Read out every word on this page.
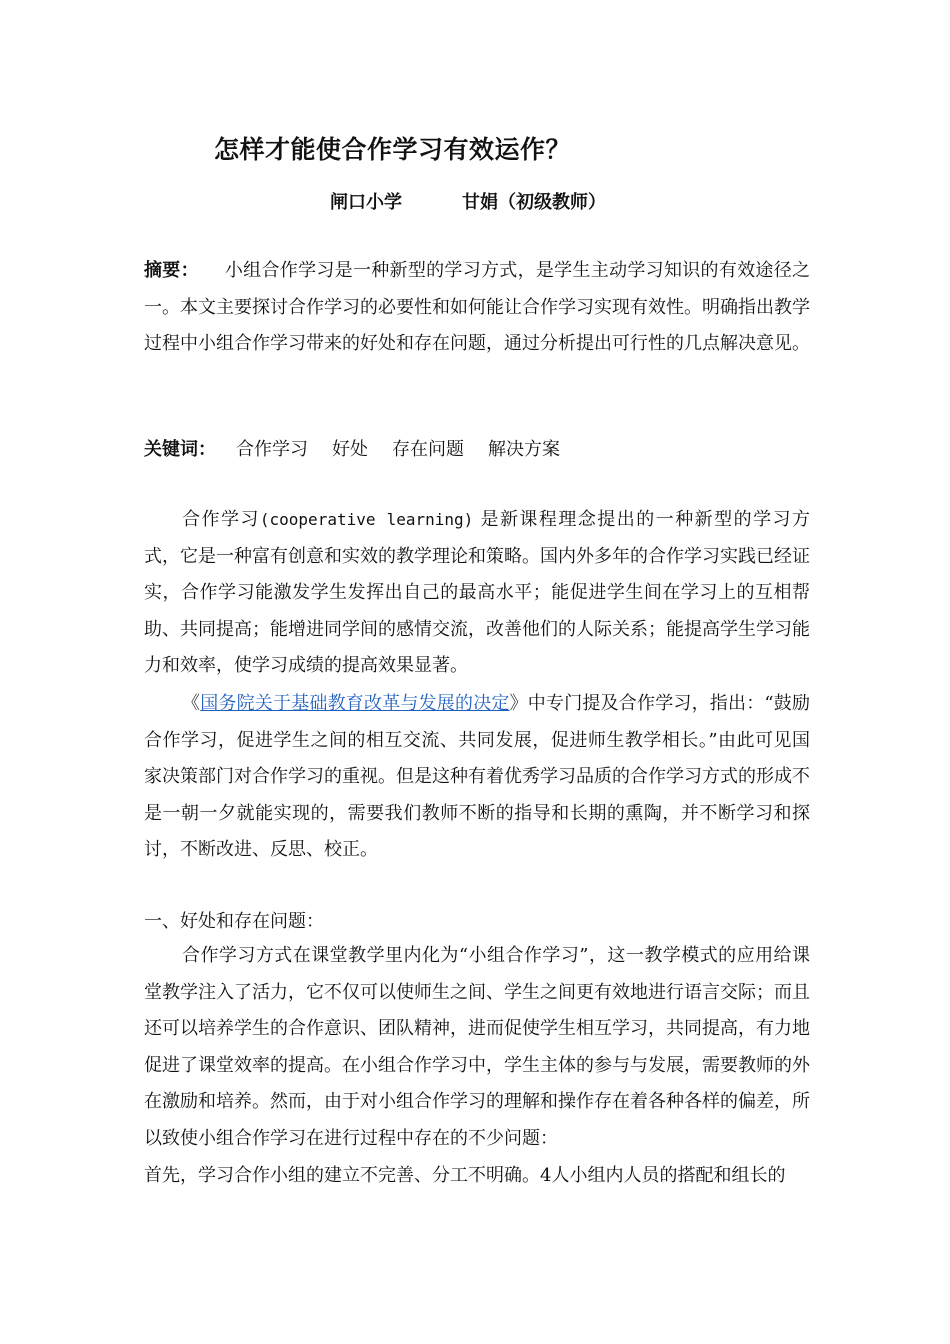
怎样才能使合作学习有效运作？
闸口小学	甘娟（初级教师）

摘要： 小组合作学习是一种新型的学习方式，是学生主动学习知识的有效途径之一。本文主要探讨合作学习的必要性和如何能让合作学习实现有效性。明确指出教学过程中小组合作学习带来的好处和存在问题，通过分析提出可行性的几点解决意见。

关键词： 合作学习 好处 存在问题 解决方案

合作学习(cooperative learning) 是新课程理念提出的一种新型的学习方式，它是一种富有创意和实效的教学理论和策略。国内外多年的合作学习实践已经证实，合作学习能激发学生发挥出自己的最高水平；能促进学生间在学习上的互相帮助、共同提高；能增进同学间的感情交流，改善他们的人际关系；能提高学生学习能力和效率，使学习成绩的提高效果显著。

《国务院关于基础教育改革与发展的决定》中专门提及合作学习，指出：“鼓励合作学习，促进学生之间的相互交流、共同发展，促进师生教学相长。”由此可见国家决策部门对合作学习的重视。但是这种有着优秀学习品质的合作学习方式的形成不是一朝一夕就能实现的，需要我们教师不断的指导和长期的熏陶，并不断学习和探讨，不断改进、反思、校正。

一、好处和存在问题：

合作学习方式在课堂教学里内化为“小组合作学习”，这一教学模式的应用给课堂教学注入了活力，它不仅可以使师生之间、学生之间更有效地进行语言交际；而且还可以培养学生的合作意识、团队精神，进而促使学生相互学习，共同提高，有力地促进了课堂效率的提高。在小组合作学习中，学生主体的参与与发展，需要教师的外在激励和培养。然而，由于对小组合作学习的理解和操作存在着各种各样的偏差，所以致使小组合作学习在进行过程中存在的不少问题：

首先，学习合作小组的建立不完善、分工不明确。4人小组内人员的搭配和组长的
